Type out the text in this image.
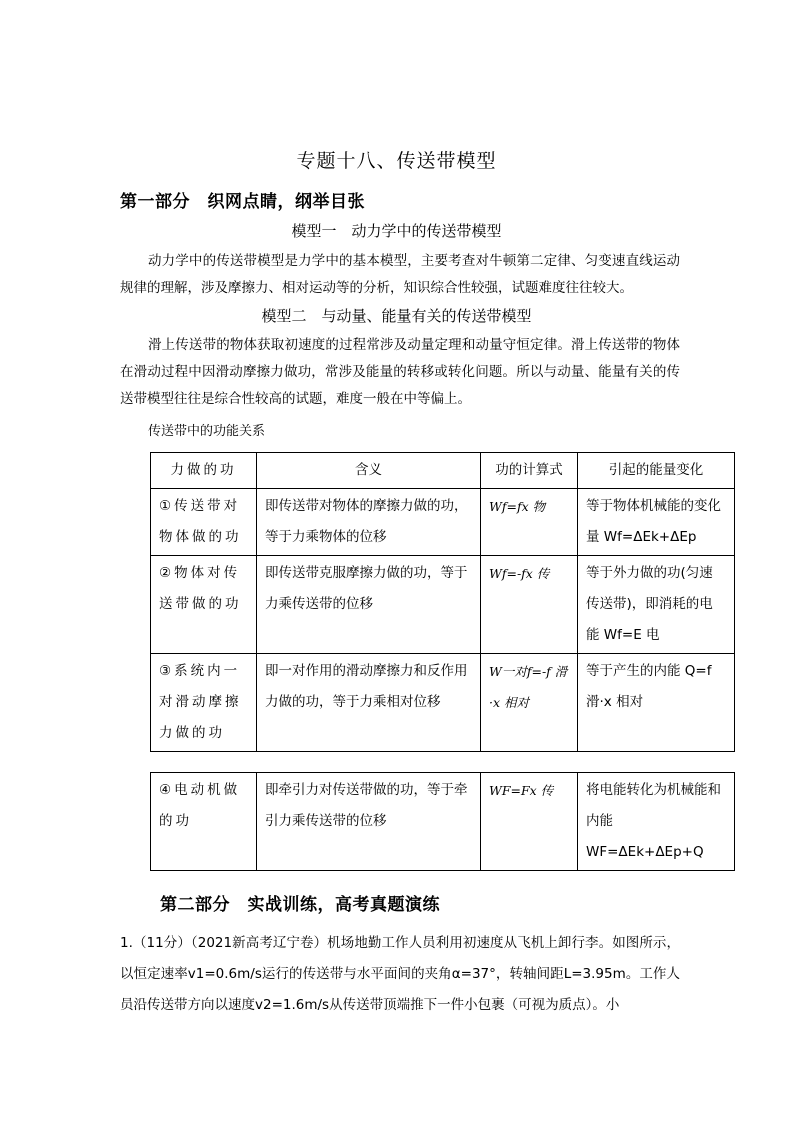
专题十八、传送带模型
第一部分　织网点睛，纲举目张
模型一　动力学中的传送带模型
动力学中的传送带模型是力学中的基本模型，主要考查对牛顿第二定律、匀变速直线运动规律的理解，涉及摩擦力、相对运动等的分析，知识综合性较强，试题难度往往较大。
模型二　与动量、能量有关的传送带模型
滑上传送带的物体获取初速度的过程常涉及动量定理和动量守恒定律。滑上传送带的物体在滑动过程中因滑动摩擦力做功，常涉及能量的转移或转化问题。所以与动量、能量有关的传送带模型往往是综合性较高的试题，难度一般在中等偏上。
传送带中的功能关系
力做的功	含义	功的计算式	引起的能量变化
①传送带对物体做的功	即传送带对物体的摩擦力做的功，等于力乘物体的位移	Wf=fx 物	等于物体机械能的变化量 Wf=ΔEk+ΔEp
②物体对传送带做的功	即传送带克服摩擦力做的功，等于力乘传送带的位移	Wf=-fx 传	等于外力做的功(匀速传送带)，即消耗的电能 Wf=E 电
③系统内一对滑动摩擦力做的功	即一对作用的滑动摩擦力和反作用力做的功，等于力乘相对位移	W一对f=-f 滑·x 相对	等于产生的内能 Q=f 滑·x 相对
④电动机做的功	即牵引力对传送带做的功，等于牵引力乘传送带的位移	WF=Fx 传	将电能转化为机械能和内能 WF=ΔEk+ΔEp+Q
第二部分　实战训练，高考真题演练
1.（11分）（2021新高考辽宁卷）机场地勤工作人员利用初速度从飞机上卸行李。如图所示，以恒定速率v1=0.6m/s运行的传送带与水平面间的夹角α=37°，转轴间距L=3.95m。工作人员沿传送带方向以速度v2=1.6m/s从传送带顶端推下一件小包裹（可视为质点）。小
